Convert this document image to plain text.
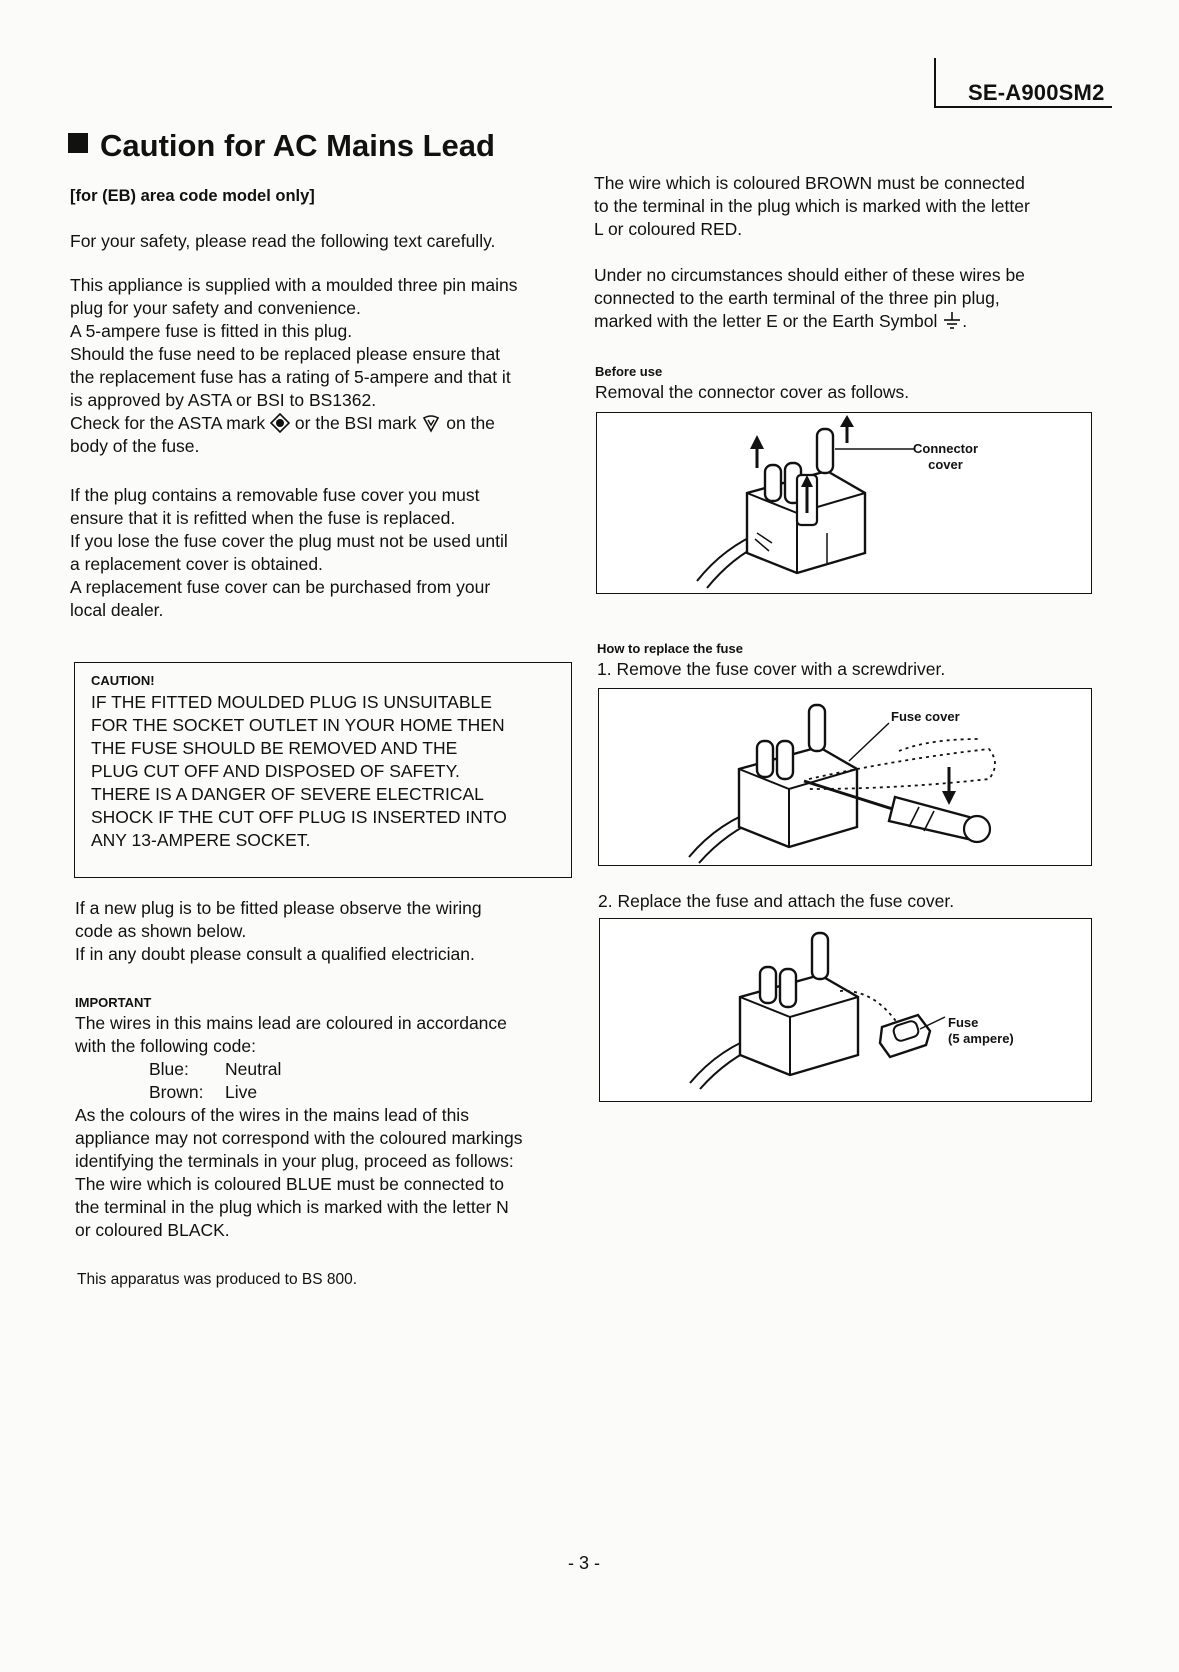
SE-A900SM2
Caution for AC Mains Lead
[for (EB) area code model only]
For your safety, please read the following text carefully.
This appliance is supplied with a moulded three pin mains
plug for your safety and convenience.
A 5-ampere fuse is fitted in this plug.
Should the fuse need to be replaced please ensure that
the replacement fuse has a rating of 5-ampere and that it
is approved by ASTA or BSI to BS1362.
Check for the ASTA mark or the BSI mark on the
body of the fuse.
If the plug contains a removable fuse cover you must
ensure that it is refitted when the fuse is replaced.
If you lose the fuse cover the plug must not be used until
a replacement cover is obtained.
A replacement fuse cover can be purchased from your
local dealer.
CAUTION!
IF THE FITTED MOULDED PLUG IS UNSUITABLE
FOR THE SOCKET OUTLET IN YOUR HOME THEN
THE FUSE SHOULD BE REMOVED AND THE
PLUG CUT OFF AND DISPOSED OF SAFETY.
THERE IS A DANGER OF SEVERE ELECTRICAL
SHOCK IF THE CUT OFF PLUG IS INSERTED INTO
ANY 13-AMPERE SOCKET.
If a new plug is to be fitted please observe the wiring
code as shown below.
If in any doubt please consult a qualified electrician.
IMPORTANT
The wires in this mains lead are coloured in accordance
with the following code:
Blue: Neutral
Brown: Live
As the colours of the wires in the mains lead of this
appliance may not correspond with the coloured markings
identifying the terminals in your plug, proceed as follows:
The wire which is coloured BLUE must be connected to
the terminal in the plug which is marked with the letter N
or coloured BLACK.
This apparatus was produced to BS 800.
The wire which is coloured BROWN must be connected
to the terminal in the plug which is marked with the letter
L or coloured RED.
Under no circumstances should either of these wires be
connected to the earth terminal of the three pin plug,
marked with the letter E or the Earth Symbol .
Before use
Removal the connector cover as follows.
Connector
cover
How to replace the fuse
1. Remove the fuse cover with a screwdriver.
Fuse cover
2. Replace the fuse and attach the fuse cover.
Fuse
(5 ampere)
- 3 -
